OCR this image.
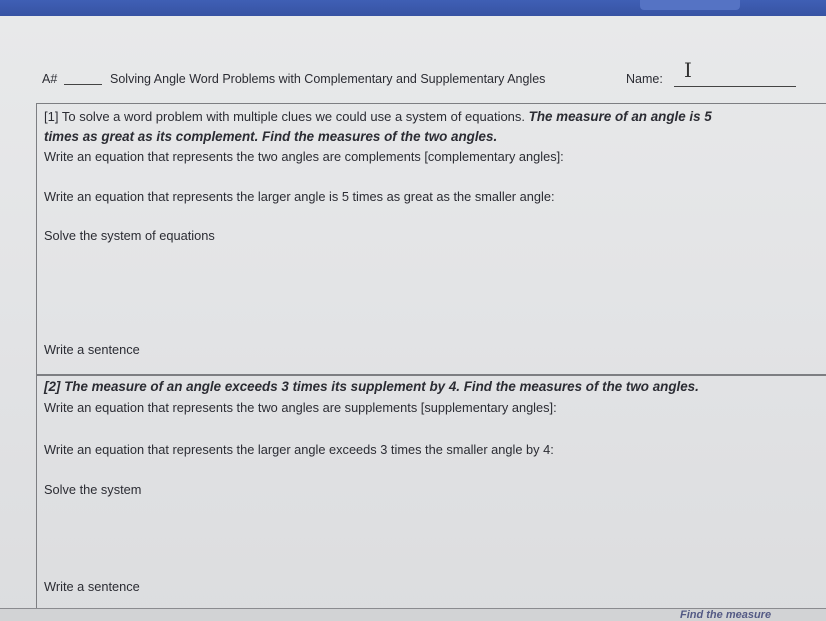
A#	Solving Angle Word Problems with Complementary and Supplementary Angles	Name: I
[1] To solve a word problem with multiple clues we could use a system of equations. The measure of an angle is 5
times as great as its complement. Find the measures of the two angles.
Write an equation that represents the two angles are complements [complementary angles]:
Write an equation that represents the larger angle is 5 times as great as the smaller angle:
Solve the system of equations
Write a sentence
[2] The measure of an angle exceeds 3 times its supplement by 4. Find the measures of the two angles.
Write an equation that represents the two angles are supplements [supplementary angles]:
Write an equation that represents the larger angle exceeds 3 times the smaller angle by 4:
Solve the system
Write a sentence
Find the measure
